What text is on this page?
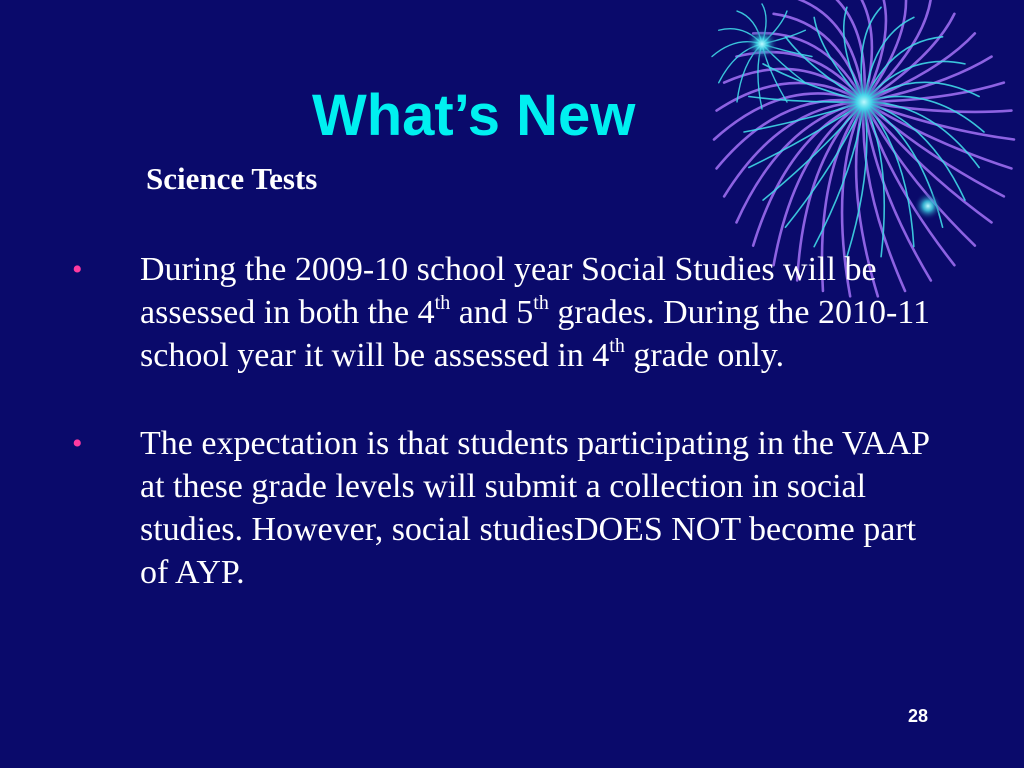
What’s New
Science Tests
• During the 2009-10 school year Social Studies will be assessed in both the 4th and 5th grades. During the 2010-11 school year it will be assessed in 4th grade only.
• The expectation is that students participating in the VAAP at these grade levels will submit a collection in social studies. However, social studiesDOES NOT become part of AYP.
28
